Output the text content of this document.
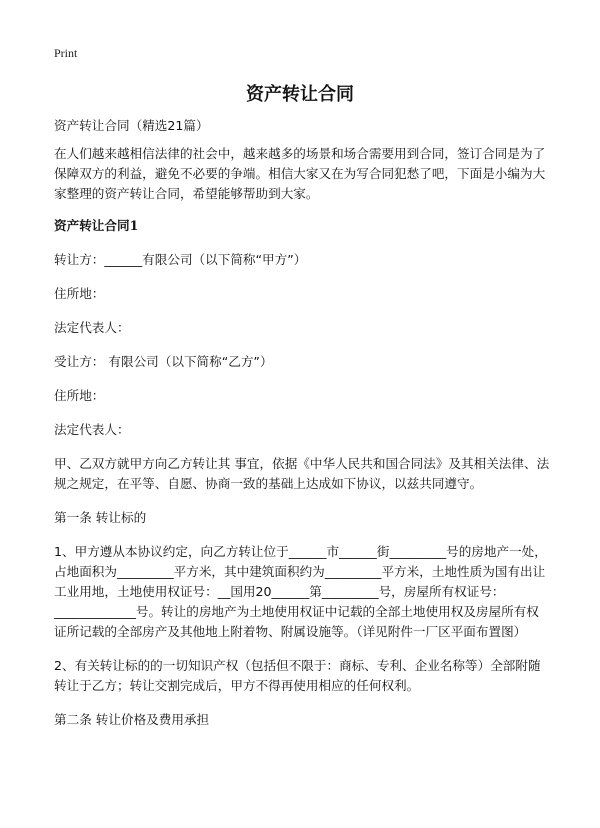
Print
资产转让合同

资产转让合同（精选21篇）

在人们越来越相信法律的社会中，越来越多的场景和场合需要用到合同，签订合同是为了保障双方的利益，避免不必要的争端。相信大家又在为写合同犯愁了吧，下面是小编为大家整理的资产转让合同，希望能够帮助到大家。

资产转让合同1

转让方：______有限公司（以下简称“甲方”）

住所地：

法定代表人：

受让方： 有限公司（以下简称“乙方”）

住所地：

法定代表人：

甲、乙双方就甲方向乙方转让其 事宜，依据《中华人民共和国合同法》及其相关法律、法规之规定，在平等、自愿、协商一致的基础上达成如下协议，以兹共同遵守。

第一条 转让标的

1、甲方遵从本协议约定，向乙方转让位于______市______街_________号的房地产一处，占地面积为_________平方米，其中建筑面积约为_________平方米，土地性质为国有出让工业用地，土地使用权证号：__国用20______第_________号，房屋所有权证号：_____________号。转让的房地产为土地使用权证中记载的全部土地使用权及房屋所有权证所记载的全部房产及其他地上附着物、附属设施等。（详见附件一厂区平面布置图）

2、有关转让标的的一切知识产权（包括但不限于：商标、专利、企业名称等）全部附随转让于乙方；转让交割完成后，甲方不得再使用相应的任何权利。

第二条 转让价格及费用承担
